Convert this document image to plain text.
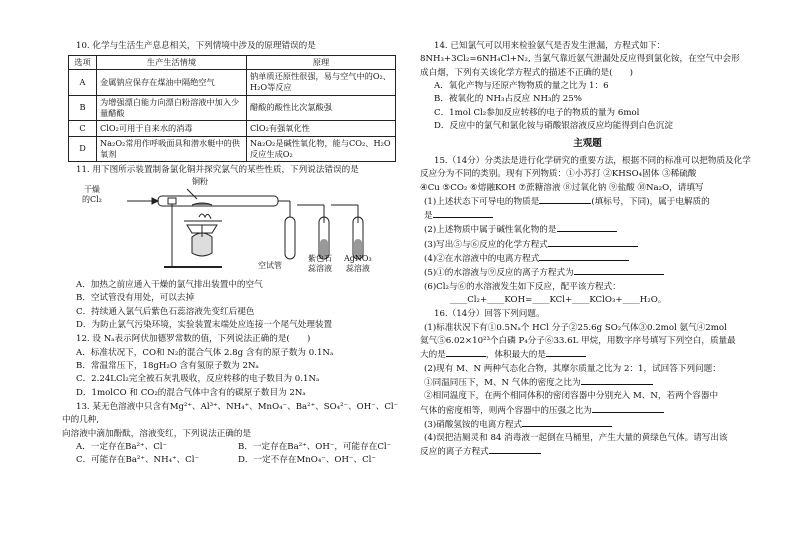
10. 化学与生活生产息息相关，下列情境中涉及的原理错误的是
选项	生产生活情境	原理
A	金属钠应保存在煤油中隔绝空气	钠单质还原性很强，易与空气中的O₂、H₂O等反应
B	为增强漂白能力向漂白粉溶液中加入少量醋酸	醋酸的酸性比次氯酸强
C	ClO₂可用于自来水的消毒	ClO₂有强氧化性
D	Na₂O₂常用作呼吸面具和潜水艇中的供氧剂	Na₂O₂是碱性氧化物，能与CO₂、H₂O反应生成O₂
11. 用下图所示装置制备氯化铜并探究氯气的某些性质，下列说法错误的是
干燥
的Cl₂
铜粉
空试管
紫色石
蕊溶液
AgNO₃
蕊溶液
A．加热之前应通入干燥的氯气排出装置中的空气
B．空试管没有用处，可以去掉
C．持续通入氯气后紫色石蕊溶液先变红后褪色
D．为防止氯气污染环境，实验装置末端处应连接一个尾气处理装置
12. 设 Nₐ表示阿伏加德罗常数的值，下列说法正确的是(　　)
A．标准状况下，CO和 N₂的混合气体 2.8g 含有的原子数为 0.1Nₐ
B．常温常压下，18gH₂O 含有氢原子数为 2Nₐ
C．2.24LCl₂完全被石灰乳吸收，反应转移的电子数目为 0.1Nₐ
D．1molCO 和 CO₂的混合气体中含有的碳原子数目为 2Nₐ
13. 某无色溶液中只含有Mg²⁺、Al³⁺、NH₄⁺、MnO₄⁻、Ba²⁺、SO₄²⁻、OH⁻、Cl⁻中的几种,
向溶液中滴加酚酞，溶液变红，下列说法正确的是
A．一定存在Ba²⁺、Cl⁻	B．一定存在Ba²⁺、OH⁻，可能存在Cl⁻
C．可能存在Ba²⁺、NH₄⁺、Cl⁻	D．一定不存在MnO₄⁻、OH⁻、Cl⁻
14. 已知氯气可以用来检验氨气是否发生泄漏，方程式如下：
8NH₃+3Cl₂=6NH₄Cl+N₂, 当氯气靠近氨气泄漏处反应得到氯化铵，在空气中会形
成白烟，下列有关该化学方程式的描述不正确的是(　　)
A．氧化产物与还原产物物质的量之比为 1：6
B．被氧化的 NH₃占反应 NH₃的 25%
C．1mol Cl₂参加反应转移的电子的物质的量为 6mol
D．反应中的氯气和氯化铵与硝酸银溶液反应均能得到白色沉淀
主观题
15.（14分）分类法是进行化学研究的重要方法，根据不同的标准可以把物质及化学
反应分为不同的类别。现有下列物质：①小苏打 ②KHSO₄固体 ③稀硫酸
④Cu ⑤CO₂ ⑥熔融KOH ⑦蔗糖溶液 ⑧过氧化钠 ⑨盐酸 ⑩Na₂O，请填写
(1)上述状态下可导电的物质是	(填标号，下同)，属于电解质的
是
(2)上述物质中属于碱性氧化物的是
(3)写出⑤与⑥反应的化学方程式
(4)②在水溶液中的电离方程式
(5)①的水溶液与⑨反应的离子方程式为
(6)Cl₂与⑥的水溶液发生如下反应，配平该方程式：
____Cl₂+____KOH=____KCl+____KClO₃+____H₂O。
16.（14分）回答下列问题。
(1)标准状况下有①0.5Nₐ个 HCl 分子②25.6g SO₂气体③0.2mol 氨气④2mol
氦气⑤6.02×10²³个白磷 P₄分子⑥33.6L 甲烷，用数字序号填写下列空白，质量最
大的是	，体积最大的是
(2)现有 M、N 两种气态化合物，其摩尔质量之比为 2：1，试回答下列问题：
①同温同压下，M、N 气体的密度之比为
②相同温度下，在两个相同体积的密闭容器中分别充入 M、N，若两个容器中
气体的密度相等，则两个容器中的压强之比为
(3)硝酸氢铵的电离方程式
(4)误把洁厕灵和 84 消毒液一起倒在马桶里，产生大量的黄绿色气体。请写出该
反应的离子方程式
